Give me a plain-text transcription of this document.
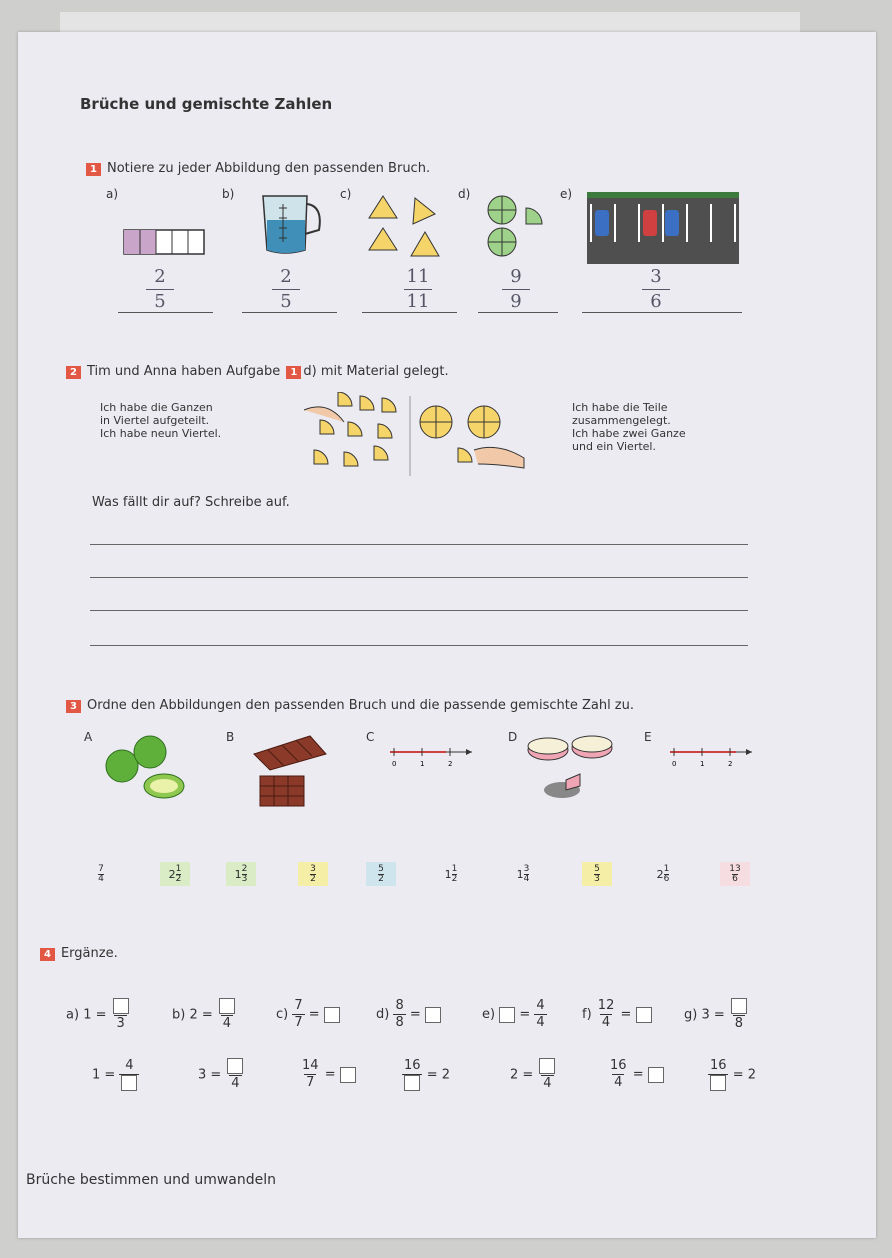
Brüche und gemischte Zahlen
1 Notiere zu jeder Abbildung den passenden Bruch.
a)	b)	c)	d)	e)
2
5
2
5
11
11
9
9
3
6
2 Tim und Anna haben Aufgabe 1 d) mit Material gelegt.
Ich habe die Ganzen
in Viertel aufgeteilt.
Ich habe neun Viertel.
Ich habe die Teile
zusammengelegt.
Ich habe zwei Ganze
und ein Viertel.
Was fällt dir auf? Schreibe auf.
3 Ordne den Abbildungen den passenden Bruch und die passende gemischte Zahl zu.
A	B	C	D	E
0	1	2	0	1	2
$\frac{7}{4}$	$2 \frac{1}{2}$	$1 \frac{2}{3}$	$\frac{3}{2}$	$\frac{5}{2}$	$1 \frac{1}{2}$	$1 \frac{3}{4}$	$\frac{5}{3}$	$2 \frac{1}{6}$	$\frac{13}{6}$
4 Ergänze.
a) 1 =
3
b) 2 =
4
$c) \frac{7}{7}$ =	$d) \frac{8}{8}$ =	$e) = \frac{4}{4}$	$f) \frac{12}{4}$ =	g) 3 =
8
1 =
4
3 =
4	$\frac{14}{7}$ =
16
= 2	2 =
4	$\frac{16}{4}$ =
16
= 2
Brüche bestimmen und umwandeln
